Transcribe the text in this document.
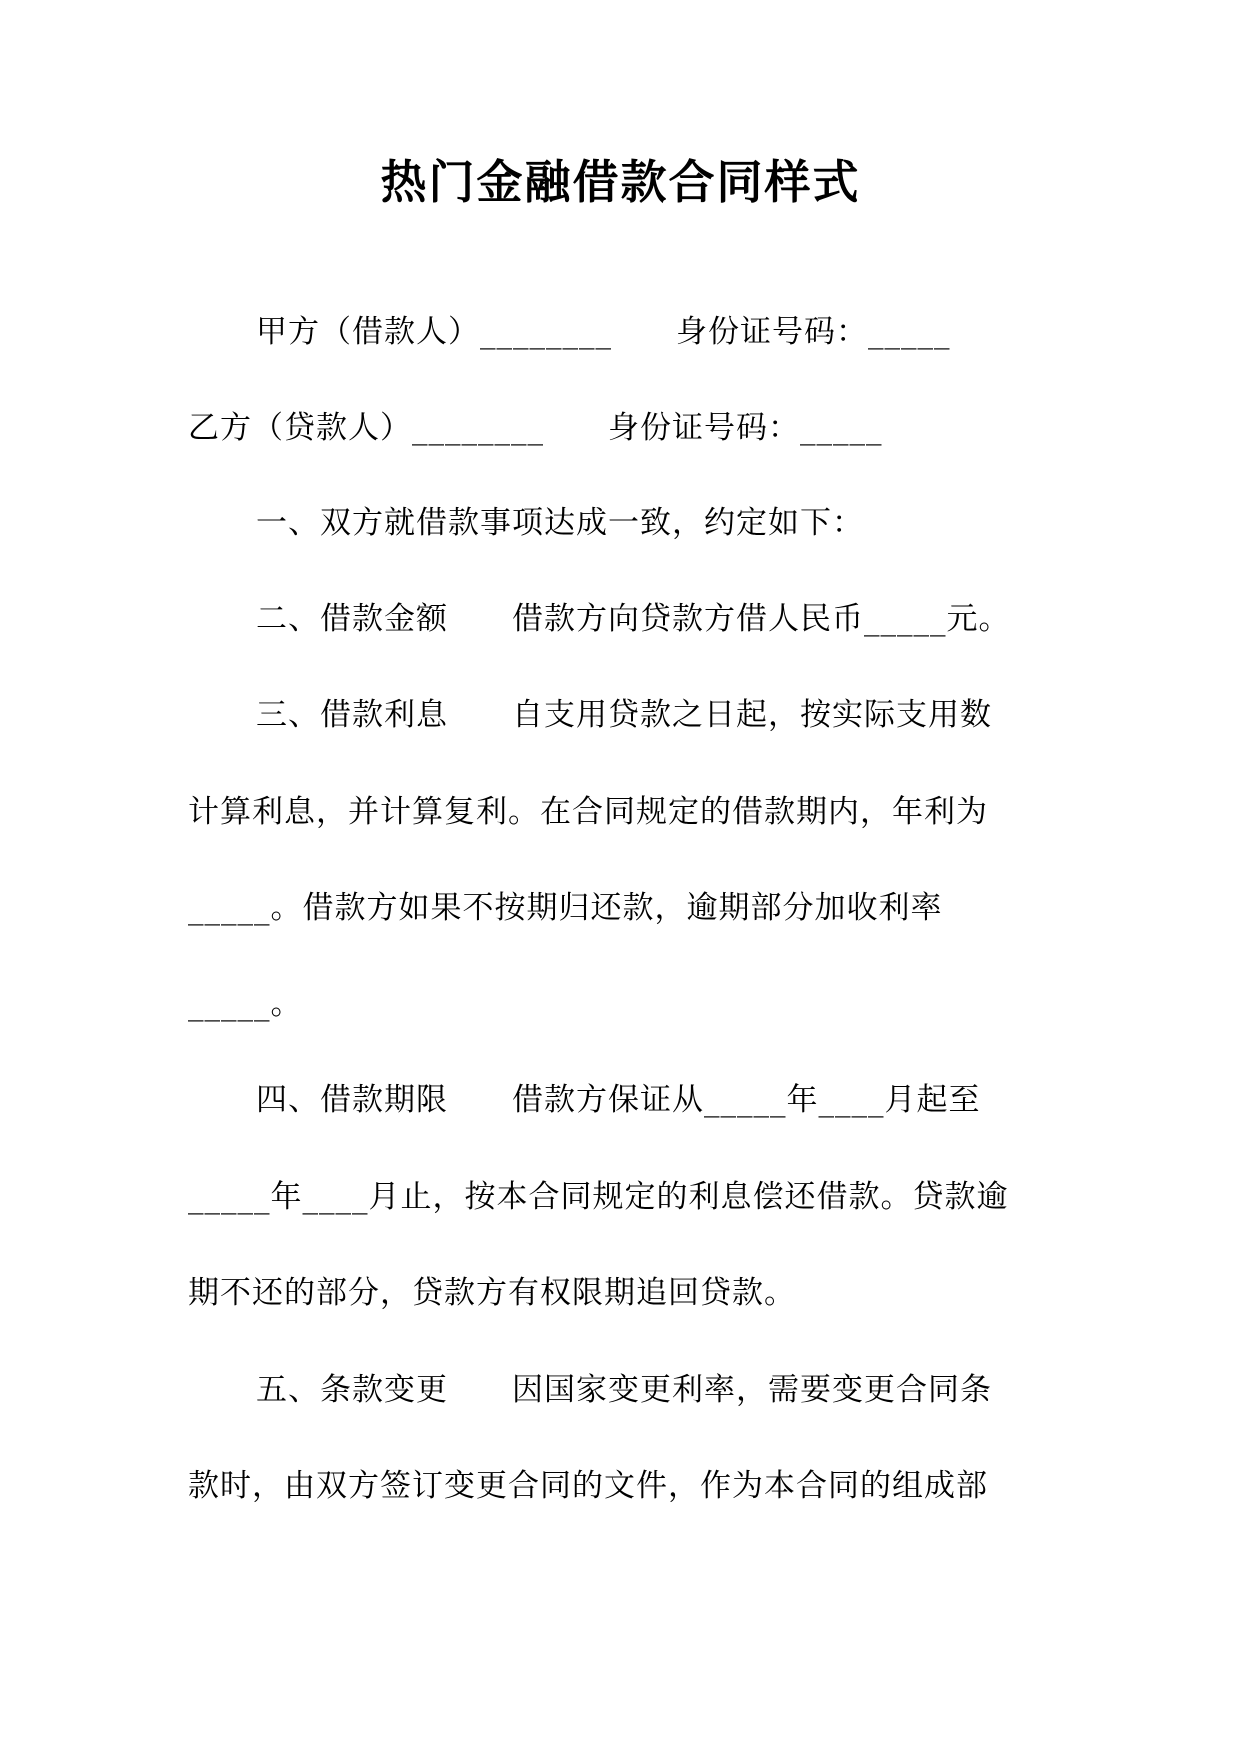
热门金融借款合同样式
甲方（借款人）________　　身份证号码：_____
乙方（贷款人）________　　身份证号码：_____
一、双方就借款事项达成一致，约定如下：
二、借款金额　　借款方向贷款方借人民币_____元。
三、借款利息　　自支用贷款之日起，按实际支用数
计算利息，并计算复利。在合同规定的借款期内，年利为
_____。借款方如果不按期归还款，逾期部分加收利率
_____。
四、借款期限　　借款方保证从_____年____月起至
_____年____月止，按本合同规定的利息偿还借款。贷款逾
期不还的部分，贷款方有权限期追回贷款。
五、条款变更　　因国家变更利率，需要变更合同条
款时，由双方签订变更合同的文件，作为本合同的组成部
